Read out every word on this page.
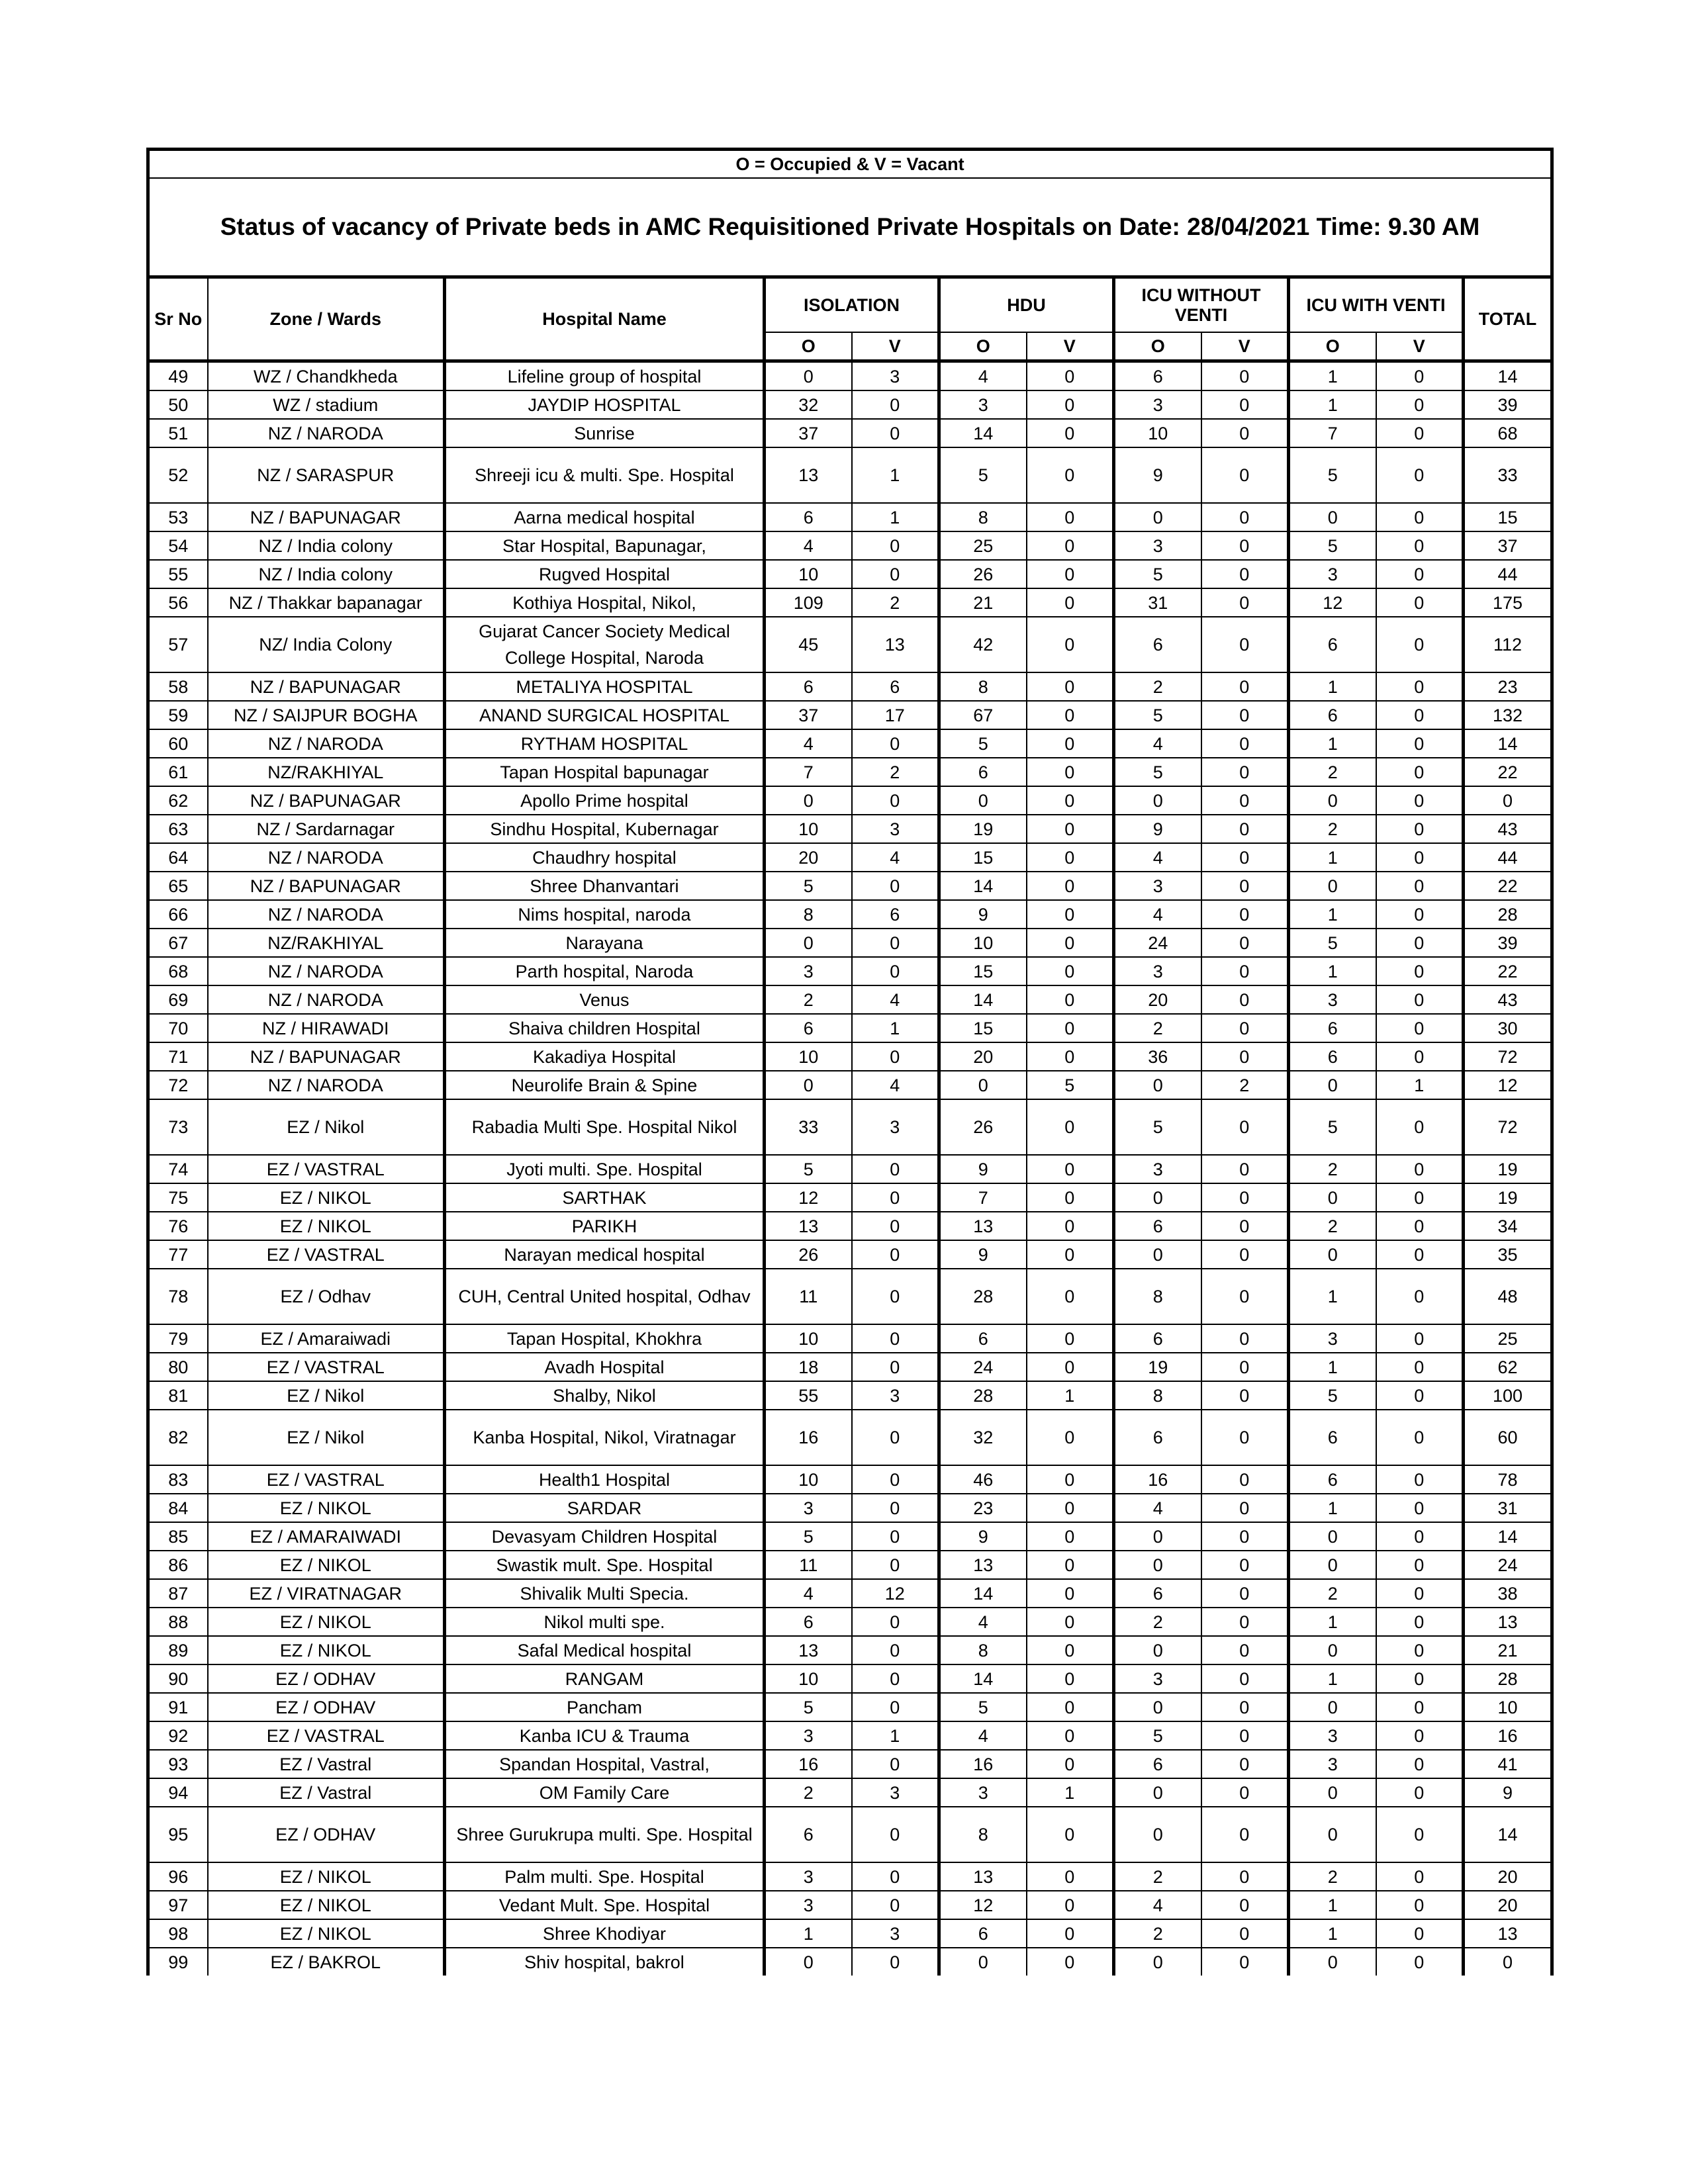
O = Occupied & V = Vacant											
Status of vacancy of Private beds in AMC Requisitioned Private Hospitals on Date: 28/04/2021 Time: 9.30 AM											
Sr No	Zone / Wards	Hospital Name	ISOLATION		HDU		ICU WITHOUT VENTI		ICU WITH VENTI		TOTAL
			O	V	O	V	O	V	O	V	
49	WZ / Chandkheda	Lifeline group of hospital	0	3	4	0	6	0	1	0	14
50	WZ / stadium	JAYDIP HOSPITAL	32	0	3	0	3	0	1	0	39
51	NZ / NARODA	Sunrise	37	0	14	0	10	0	7	0	68
52	NZ / SARASPUR	Shreeji icu & multi. Spe. Hospital	13	1	5	0	9	0	5	0	33
53	NZ / BAPUNAGAR	Aarna medical hospital	6	1	8	0	0	0	0	0	15
54	NZ / India colony	Star Hospital, Bapunagar,	4	0	25	0	3	0	5	0	37
55	NZ / India colony	Rugved Hospital	10	0	26	0	5	0	3	0	44
56	NZ / Thakkar bapanagar	Kothiya Hospital, Nikol,	109	2	21	0	31	0	12	0	175
57	NZ/ India Colony	Gujarat Cancer Society Medical College Hospital, Naroda	45	13	42	0	6	0	6	0	112
58	NZ / BAPUNAGAR	METALIYA HOSPITAL	6	6	8	0	2	0	1	0	23
59	NZ / SAIJPUR BOGHA	ANAND SURGICAL HOSPITAL	37	17	67	0	5	0	6	0	132
60	NZ / NARODA	RYTHAM HOSPITAL	4	0	5	0	4	0	1	0	14
61	NZ/RAKHIYAL	Tapan Hospital bapunagar	7	2	6	0	5	0	2	0	22
62	NZ / BAPUNAGAR	Apollo Prime hospital	0	0	0	0	0	0	0	0	0
63	NZ / Sardarnagar	Sindhu Hospital, Kubernagar	10	3	19	0	9	0	2	0	43
64	NZ / NARODA	Chaudhry hospital	20	4	15	0	4	0	1	0	44
65	NZ / BAPUNAGAR	Shree Dhanvantari	5	0	14	0	3	0	0	0	22
66	NZ / NARODA	Nims hospital, naroda	8	6	9	0	4	0	1	0	28
67	NZ/RAKHIYAL	Narayana	0	0	10	0	24	0	5	0	39
68	NZ / NARODA	Parth hospital, Naroda	3	0	15	0	3	0	1	0	22
69	NZ / NARODA	Venus	2	4	14	0	20	0	3	0	43
70	NZ / HIRAWADI	Shaiva children Hospital	6	1	15	0	2	0	6	0	30
71	NZ / BAPUNAGAR	Kakadiya Hospital	10	0	20	0	36	0	6	0	72
72	NZ / NARODA	Neurolife Brain & Spine	0	4	0	5	0	2	0	1	12
73	EZ / Nikol	Rabadia Multi Spe. Hospital Nikol	33	3	26	0	5	0	5	0	72
74	EZ / VASTRAL	Jyoti multi. Spe. Hospital	5	0	9	0	3	0	2	0	19
75	EZ / NIKOL	SARTHAK	12	0	7	0	0	0	0	0	19
76	EZ / NIKOL	PARIKH	13	0	13	0	6	0	2	0	34
77	EZ / VASTRAL	Narayan medical hospital	26	0	9	0	0	0	0	0	35
78	EZ / Odhav	CUH, Central United hospital, Odhav	11	0	28	0	8	0	1	0	48
79	EZ / Amaraiwadi	Tapan Hospital, Khokhra	10	0	6	0	6	0	3	0	25
80	EZ / VASTRAL	Avadh Hospital	18	0	24	0	19	0	1	0	62
81	EZ / Nikol	Shalby, Nikol	55	3	28	1	8	0	5	0	100
82	EZ / Nikol	Kanba Hospital, Nikol, Viratnagar	16	0	32	0	6	0	6	0	60
83	EZ / VASTRAL	Health1 Hospital	10	0	46	0	16	0	6	0	78
84	EZ / NIKOL	SARDAR	3	0	23	0	4	0	1	0	31
85	EZ / AMARAIWADI	Devasyam Children Hospital	5	0	9	0	0	0	0	0	14
86	EZ / NIKOL	Swastik mult. Spe. Hospital	11	0	13	0	0	0	0	0	24
87	EZ / VIRATNAGAR	Shivalik Multi Specia.	4	12	14	0	6	0	2	0	38
88	EZ / NIKOL	Nikol multi spe.	6	0	4	0	2	0	1	0	13
89	EZ / NIKOL	Safal Medical hospital	13	0	8	0	0	0	0	0	21
90	EZ / ODHAV	RANGAM	10	0	14	0	3	0	1	0	28
91	EZ / ODHAV	Pancham	5	0	5	0	0	0	0	0	10
92	EZ / VASTRAL	Kanba ICU & Trauma	3	1	4	0	5	0	3	0	16
93	EZ / Vastral	Spandan Hospital, Vastral,	16	0	16	0	6	0	3	0	41
94	EZ / Vastral	OM Family Care	2	3	3	1	0	0	0	0	9
95	EZ / ODHAV	Shree Gurukrupa multi. Spe. Hospital	6	0	8	0	0	0	0	0	14
96	EZ / NIKOL	Palm multi. Spe. Hospital	3	0	13	0	2	0	2	0	20
97	EZ / NIKOL	Vedant Mult. Spe. Hospital	3	0	12	0	4	0	1	0	20
98	EZ / NIKOL	Shree Khodiyar	1	3	6	0	2	0	1	0	13
99	EZ / BAKROL	Shiv hospital, bakrol	0	0	0	0	0	0	0	0	0
